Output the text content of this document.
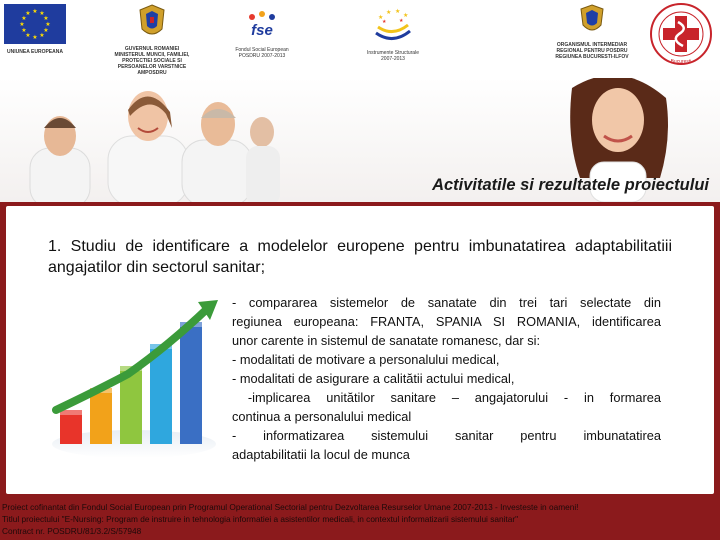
★ ★
★
★
★
★
★
★
★
★
★
★
UNIUNEA EUROPEANA	GUVERNUL ROMANIEI
MINISTERUL MUNCII, FAMILIEI,
PROTECTIEI SOCIALE SI
PERSOANELOR VARSTNICE
AMPOSDRU
fse
Fondul Social European
POSDRU 2007-2013
★
★ ★
★
★	★
Instrumente Structurale
2007-2013
ORGANISMUL INTERMEDIAR
REGIONAL PENTRU POSDRU
REGIUNEA BUCURESTI-ILFOV
Bucuresti
Activitatile si rezultatele proiectului
1. Studiu de identificare a modelelor europene pentru imbunatatirea adaptabilitatiii angajatilor din sectorul sanitar;
- compararea sistemelor de sanatate din trei tari selectate din
regiunea europeana: FRANTA, SPANIA SI ROMANIA, identificarea
unor carente in sistemul de sanatate romanesc, dar si:
- modalitati de motivare a personalului medical,
- modalitati de asigurare a calitătii actului medical,
-implicarea  unitătilor  sanitare  –  angajatorului  -  in  formarea
continua a personalului medical
-  informatizarea  sistemului  sanitar  pentru  imbunatatirea
adaptabilitatii la locul de munca
Proiect cofinantat din Fondul Social European prin Programul Operational Sectorial pentru Dezvoltarea Resurselor Umane 2007-2013 - Investeste in oameni!
Titlul proiectului "E-Nursing: Program de instruire in tehnologia informatiei a asistentilor medicali, in contextul informatizarii sistemului sanitar"
Contract nr. POSDRU/81/3.2/S/57948
